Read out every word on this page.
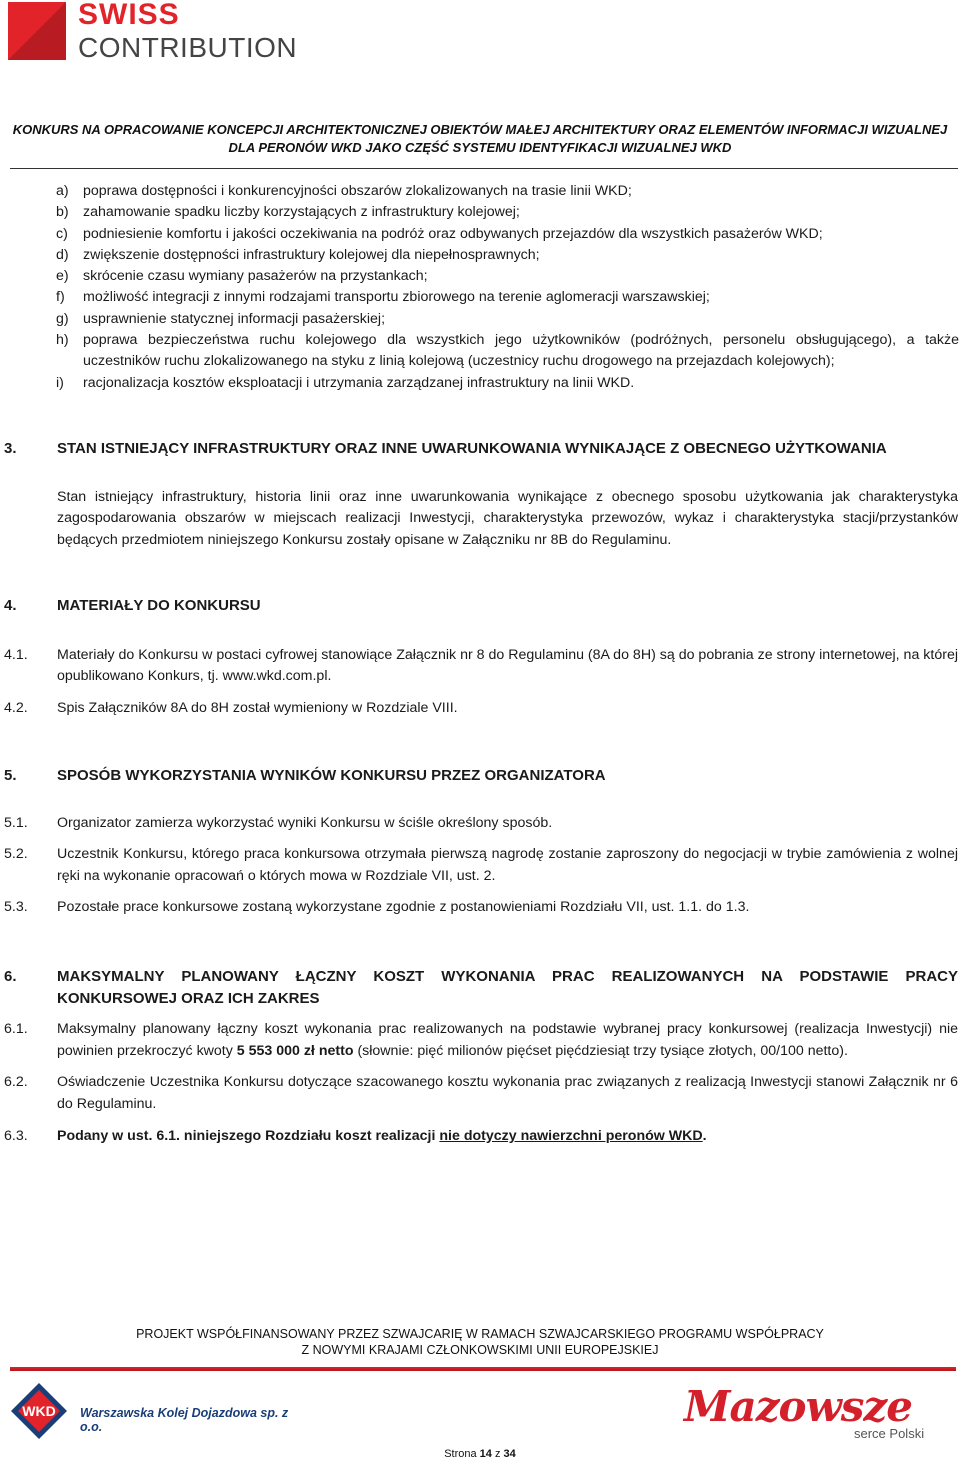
SWISS
CONTRIBUTION
KONKURS NA OPRACOWANIE KONCEPCJI ARCHITEKTONICZNEJ OBIEKTÓW MAŁEJ ARCHITEKTURY ORAZ ELEMENTÓW INFORMACJI WIZUALNEJ
DLA PERONÓW WKD JAKO CZĘŚĆ SYSTEMU IDENTYFIKACJI WIZUALNEJ WKD
a)	poprawa dostępności i konkurencyjności obszarów zlokalizowanych na trasie linii WKD;
b)	zahamowanie spadku liczby korzystających z infrastruktury kolejowej;
c)	podniesienie komfortu i jakości oczekiwania na podróż oraz odbywanych przejazdów dla wszystkich pasażerów WKD;
d)	zwiększenie dostępności infrastruktury kolejowej dla niepełnosprawnych;
e)	skrócenie czasu wymiany pasażerów na przystankach;
f)	możliwość integracji z innymi rodzajami transportu zbiorowego na terenie aglomeracji warszawskiej;
g)	usprawnienie statycznej informacji pasażerskiej;
h)	poprawa bezpieczeństwa ruchu kolejowego dla wszystkich jego użytkowników (podróżnych, personelu obsługującego), a także uczestników ruchu zlokalizowanego na styku z linią kolejową (uczestnicy ruchu drogowego na przejazdach kolejowych);
i)	racjonalizacja kosztów eksploatacji i utrzymania zarządzanej infrastruktury na linii WKD.
3.	STAN ISTNIEJĄCY INFRASTRUKTURY ORAZ INNE UWARUNKOWANIA WYNIKAJĄCE Z OBECNEGO UŻYTKOWANIA
Stan istniejący infrastruktury, historia linii oraz inne uwarunkowania wynikające z obecnego sposobu użytkowania jak charakterystyka zagospodarowania obszarów w miejscach realizacji Inwestycji, charakterystyka przewozów, wykaz i charakterystyka stacji/przystanków będących przedmiotem niniejszego Konkursu zostały opisane w Załączniku nr 8B do Regulaminu.
4.	MATERIAŁY DO KONKURSU
4.1.	Materiały do Konkursu w postaci cyfrowej stanowiące Załącznik nr 8 do Regulaminu (8A do 8H) są do pobrania ze strony internetowej, na której opublikowano Konkurs, tj. www.wkd.com.pl.
4.2.	Spis Załączników 8A do 8H został wymieniony w Rozdziale VIII.
5.	SPOSÓB WYKORZYSTANIA WYNIKÓW KONKURSU PRZEZ ORGANIZATORA
5.1.	Organizator zamierza wykorzystać wyniki Konkursu w ściśle określony sposób.
5.2.	Uczestnik Konkursu, którego praca konkursowa otrzymała pierwszą nagrodę zostanie zaproszony do negocjacji w trybie zamówienia z wolnej ręki na wykonanie opracowań o których mowa w Rozdziale VII, ust. 2.
5.3.	Pozostałe prace konkursowe zostaną wykorzystane zgodnie z postanowieniami Rozdziału VII, ust. 1.1. do 1.3.
6.	MAKSYMALNY PLANOWANY ŁĄCZNY KOSZT WYKONANIA PRAC REALIZOWANYCH NA PODSTAWIE PRACY KONKURSOWEJ ORAZ ICH ZAKRES
6.1.	Maksymalny planowany łączny koszt wykonania prac realizowanych na podstawie wybranej pracy konkursowej (realizacja Inwestycji) nie powinien przekroczyć kwoty 5 553 000 zł netto (słownie: pięć milionów pięćset pięćdziesiąt trzy tysiące złotych, 00/100 netto).
6.2.	Oświadczenie Uczestnika Konkursu dotyczące szacowanego kosztu wykonania prac związanych z realizacją Inwestycji stanowi Załącznik nr 6 do Regulaminu.
6.3.	Podany w ust. 6.1. niniejszego Rozdziału koszt realizacji nie dotyczy nawierzchni peronów WKD.
PROJEKT WSPÓŁFINANSOWANY PRZEZ SZWAJCARIĘ W RAMACH SZWAJCARSKIEGO PROGRAMU WSPÓŁPRACY
Z NOWYMI KRAJAMI CZŁONKOWSKIMI UNII EUROPEJSKIEJ
WKD Warszawska Kolej Dojazdowa sp. z o.o.	Mazowsze
serce Polski
Strona 14 z 34
